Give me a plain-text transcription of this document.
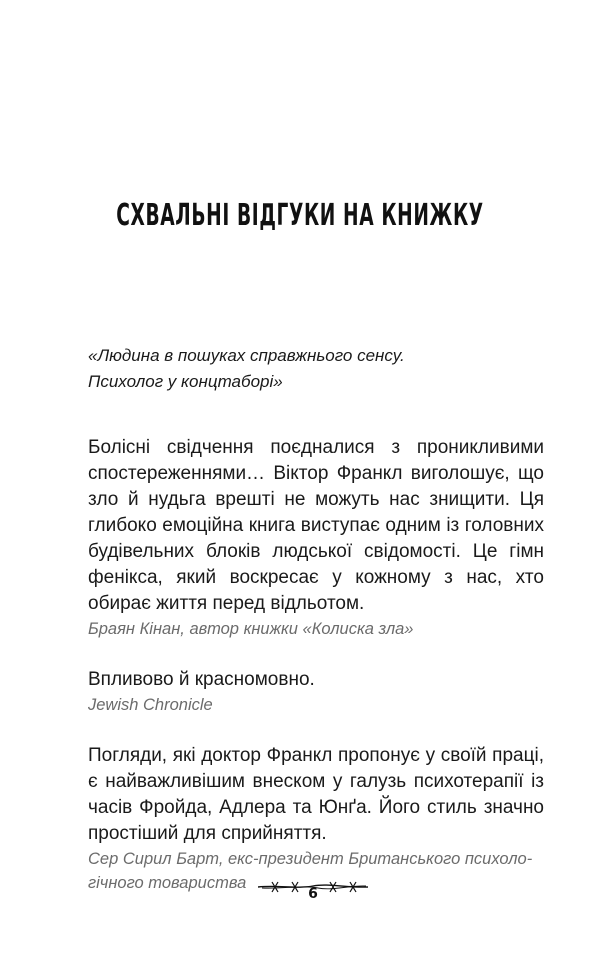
СХВАЛЬНІ ВІДГУКИ НА КНИЖКУ
«Людина в пошуках справжнього сенсу.
Психолог у концтаборі»
Болісні свідчення поєдналися з проникливими спостереженнями… Віктор Франкл виголошує, що зло й нудьга врешті не можуть нас знищити. Ця глибоко емоційна книга виступає одним із головних будівельних блоків людської свідомості. Це гімн феніксa, який воскресає у кожному з нас, хто обирає життя перед відльотом.
Браян Кінан, автор книжки «Колиска зла»
Впливово й красномовно.
Jewish Chronicle
Погляди, які доктор Франкл пропонує у своїй праці, є найважливішим внеском у галузь психотерапії із часів Фройда, Адлера та Юнґа. Його стиль значно простіший для сприйняття.
Сер Сирил Барт, екс-президент Британського психоло-
гічного товариства
6
